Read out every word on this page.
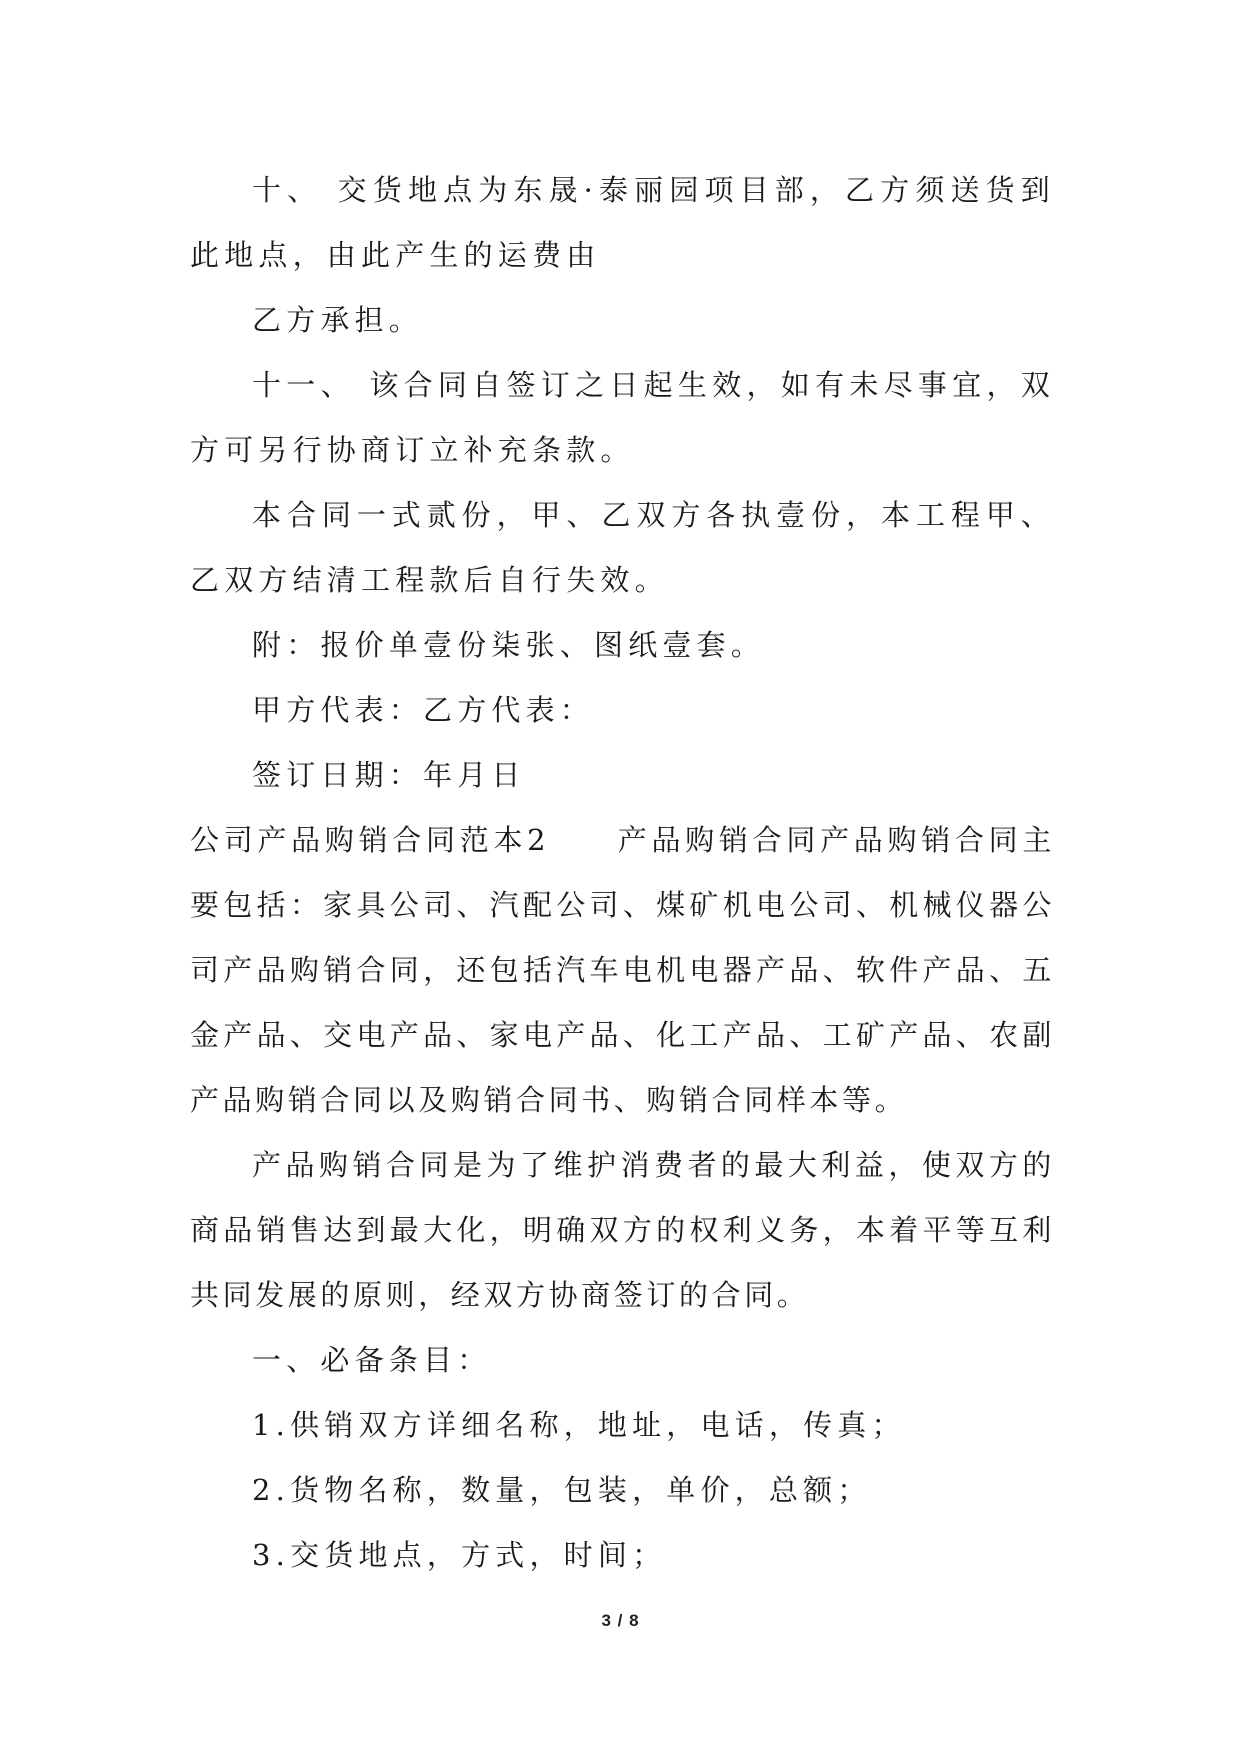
十、 交货地点为东晟·泰丽园项目部，乙方须送货到此地点，由此产生的运费由

乙方承担。

十一、 该合同自签订之日起生效，如有未尽事宜，双方可另行协商订立补充条款。

本合同一式贰份，甲、乙双方各执壹份，本工程甲、乙双方结清工程款后自行失效。

附：报价单壹份柒张、图纸壹套。

甲方代表：乙方代表：

签订日期：年月日

公司产品购销合同范本2　　产品购销合同产品购销合同主要包括：家具公司、汽配公司、煤矿机电公司、机械仪器公司产品购销合同，还包括汽车电机电器产品、软件产品、五金产品、交电产品、家电产品、化工产品、工矿产品、农副产品购销合同以及购销合同书、购销合同样本等。

产品购销合同是为了维护消费者的最大利益，使双方的商品销售达到最大化，明确双方的权利义务，本着平等互利共同发展的原则，经双方协商签订的合同。

一、必备条目：

1.供销双方详细名称，地址，电话，传真；

2.货物名称，数量，包装，单价，总额；

3.交货地点，方式，时间；

3 / 8
